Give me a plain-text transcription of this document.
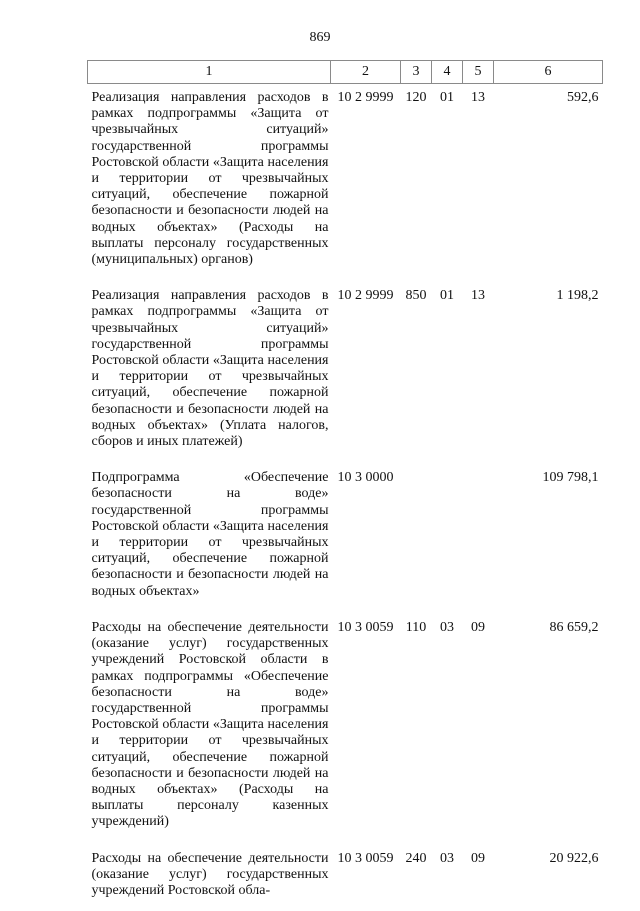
869
1	2	3	4	5	6
Реализация направления расходов в рамках подпрограммы «Защита от чрезвычайных ситуаций» государственной программы Ростовской области «Защита населения и территории от чрезвычайных ситуаций, обеспечение пожарной безопасности и безопасности людей на водных объектах» (Расходы на выплаты персоналу государственных (муниципальных) органов)	10 2 9999	120	01	13	592,6
Реализация направления расходов в рамках подпрограммы «Защита от чрезвычайных ситуаций» государственной программы Ростовской области «Защита населения и территории от чрезвычайных ситуаций, обеспечение пожарной безопасности и безопасности людей на водных объектах» (Уплата налогов, сборов и иных платежей)	10 2 9999	850	01	13	1 198,2
Подпрограмма «Обеспечение безопасности на воде» государственной программы Ростовской области «Защита населения и территории от чрезвычайных ситуаций, обеспечение пожарной безопасности и безопасности людей на водных объектах»	10 3 0000				109 798,1
Расходы на обеспечение деятельности (оказание услуг) государственных учреждений Ростовской области в рамках подпрограммы «Обеспечение безопасности на воде» государственной программы Ростовской области «Защита населения и территории от чрезвычайных ситуаций, обеспечение пожарной безопасности и безопасности людей на водных объектах» (Расходы на выплаты персоналу казенных учреждений)	10 3 0059	110	03	09	86 659,2
Расходы на обеспечение деятельности (оказание услуг) государственных учреждений Ростовской обла-	10 3 0059	240	03	09	20 922,6
